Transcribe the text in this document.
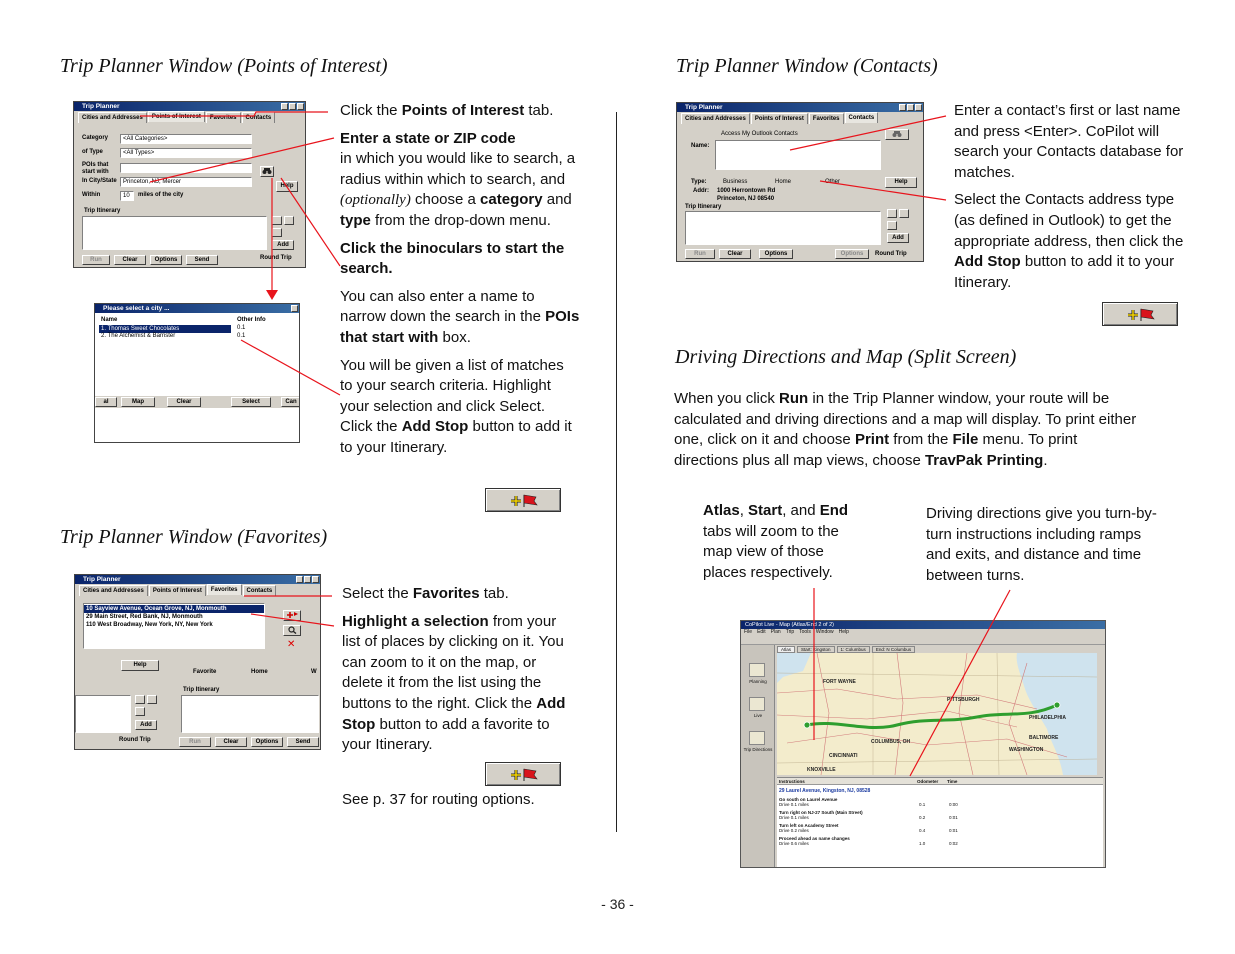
Trip Planner Window (Points of Interest)
Trip Planner Window (Favorites)
Trip Planner Window (Contacts)
Driving Directions and Map (Split Screen)
Trip Planner
Cities and Addresses	Points of Interest	Favorites	Contacts
Category	<All Categories>
of Type	<All Types>
POIs that start with
In City/State	Princeton, NJ, Mercer
Within	10	miles of the city
Help
Trip Itinerary
Add
Run	Clear	Options	Send	Round Trip
Please select a city ...
Name	Other Info
1. Thomas Sweet Chocolates	0.1
2. The Alchemist & Barrister	0.1
al	Map	Clear	Select	Can
Trip Planner
Cities and Addresses	Points of Interest	Favorites	Contacts
10 Sayview Avenue, Ocean Grove, NJ, Monmouth
29 Main Street, Red Bank, NJ, Monmouth
110 West Broadway, New York, NY, New York
✕
Help
Favorite	Home	W
Trip Itinerary
Add
Round Trip	Run	Clear	Options	Send
Trip Planner
Cities and Addresses	Points of Interest	Favorites	Contacts
Access My Outlook Contacts
Name:
Type:	Business	Home	Other	Help
Addr: 1000 Herrontown Rd
Princeton, NJ 08540
Trip Itinerary
Add
Run	Clear	Options	Options	Round Trip
CoPilot Live - Map (Atlas/End 2 of 2)
File Edit Plan Trip Tools Window Help
Planning
Live
Trip Directions
Atlas	Start: Kingston	1: Columbus	End: N Columbus
FORT WAYNE
COLUMBUS, OH
CINCINNATI
PHILADELPHIA
BALTIMORE
WASHINGTON
PITTSBURGH
KNOXVILLE
Instructions	Odometer	Time
29 Laurel Avenue, Kingston, NJ, 08528
Go south on Laurel Avenue
Drive 0.1 miles	0.1	0:00
Turn right on NJ-27 South (Main Street)
Drive 0.1 miles	0.2	0:01
Turn left on Academy Street
Drive 0.2 miles	0.4	0:01
Proceed ahead as name changes
Drive 0.6 miles	1.0	0:02

Click the Points of Interest tab.

Enter a state or ZIP code
in which you would like to search, a radius within which to search, and (optionally) choose a category and type from the drop-down menu.

Click the binoculars to start the search.

You can also enter a name to narrow down the search in the POIs that start with box.

You will be given a list of matches to your search criteria. Highlight your selection and click Select. Click the Add Stop button to add it to your Itinerary.

Select the Favorites tab.

Highlight a selection from your list of places by clicking on it. You can zoom to it on the map, or delete it from the list using the buttons to the right. Click the Add Stop button to add a favorite to your Itinerary.

See p. 37 for routing options.

Enter a contact’s first or last name and press <Enter>. CoPilot will search your Contacts database for matches.

Select the Contacts address type (as defined in Outlook) to get the appropriate address, then click the Add Stop button to add it to your Itinerary.

When you click Run in the Trip Planner window, your route will be calculated and driving directions and a map will display. To print either one, click on it and choose Print from the File menu. To print directions plus all map views, choose TravPak Printing.
Atlas, Start, and End tabs will zoom to the map view of those places respectively.
Driving directions give you turn-by-turn instructions including ramps and exits, and distance and time between turns.
- 36 -
